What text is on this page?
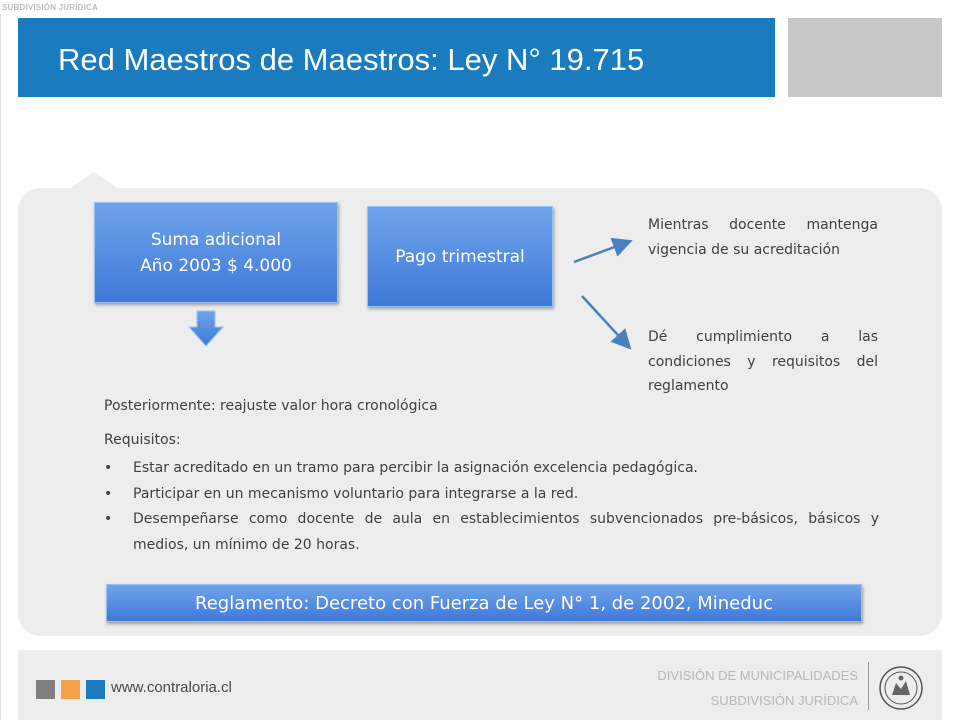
SUBDIVISIÓN JURÍDICA
Red Maestros de Maestros: Ley N° 19.715
Suma adicional
Año 2003 $ 4.000	Pago trimestral
Mientras docente mantenga vigencia de su acreditación
Dé cumplimiento a las condiciones y requisitos del reglamento
Posteriormente: reajuste valor hora cronológica
Requisitos:
• Estar acreditado en un tramo para percibir la asignación excelencia pedagógica.
• Participar en un mecanismo voluntario para integrarse a la red.
• Desempeñarse como docente de aula en establecimientos subvencionados pre-básicos, básicos y medios, un mínimo de 20 horas.
Reglamento: Decreto con Fuerza de Ley N° 1, de 2002, Mineduc
www.contraloria.cl
DIVISIÓN DE MUNICIPALIDADES
SUBDIVISIÓN JURÍDICA
